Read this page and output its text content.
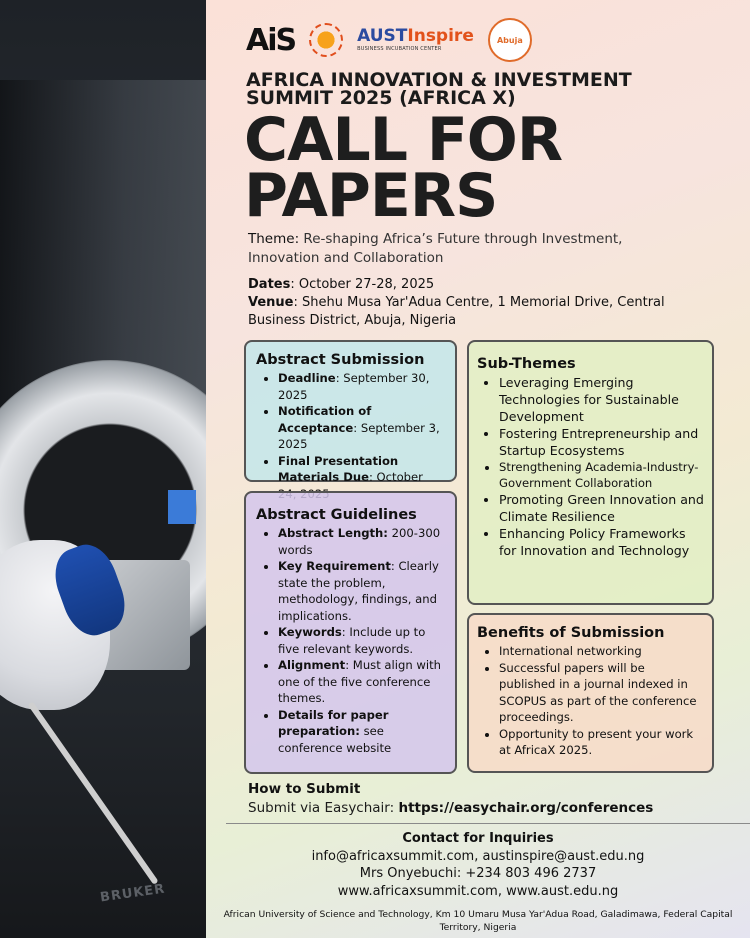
BRUKER
AiS	AUSTInspire
BUSINESS INCUBATION CENTER
Abuja
AFRICA INNOVATION & INVESTMENT SUMMIT 2025 (AFRICA X)
CALL FOR
PAPERS
Theme: Re-shaping Africa’s Future through Investment, Innovation and Collaboration

Dates: October 27-28, 2025

Venue: Shehu Musa Yar'Adua Centre, 1 Memorial Drive, Central Business District, Abuja, Nigeria

Abstract Submission
• Deadline: September 30, 2025
• Notification of Acceptance: September 3, 2025
• Final Presentation Materials Due: October
Abstract Guidelines
• Abstract Length: 200-300 words
• Key Requirement: Clearly state the problem, methodology, findings, and implications.
• Keywords: Include up to five relevant keywords.
• Alignment: Must align with one of the five conference themes.
• Details for paper preparation: see conference website
Sub-Themes
• Leveraging Emerging Technologies for Sustainable Development
• Fostering Entrepreneurship and Startup Ecosystems
• Strengthening Academia-Industry-Government Collaboration
• Promoting Green Innovation and Climate Resilience
• Enhancing Policy Frameworks for Innovation and Technology
Benefits of Submission
• International networking
• Successful papers will be published in a journal indexed in SCOPUS as part of the conference proceedings.
• Opportunity to present your work at AfricaX 2025.
How to Submit
Submit via Easychair: https://easychair.org/conferences
Contact for Inquiries
info@africaxsummit.com, austinspire@aust.edu.ng
Mrs Onyebuchi: +234 803 496 2737
www.africaxsummit.com, www.aust.edu.ng
African University of Science and Technology, Km 10 Umaru Musa Yar'Adua Road, Galadimawa, Federal Capital Territory, Nigeria
